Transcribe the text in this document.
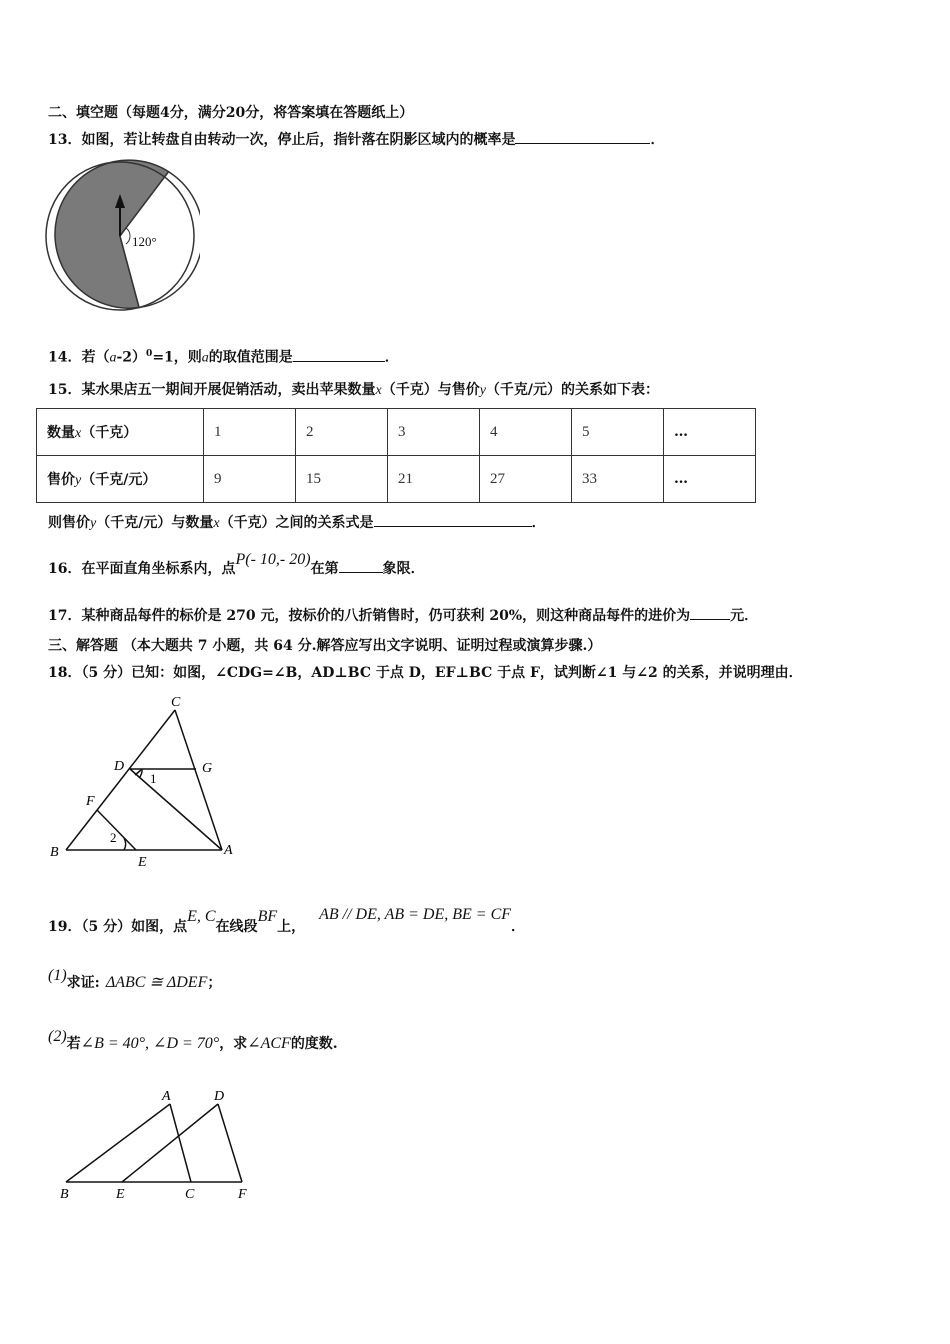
二、填空题（每题4分，满分20分，将答案填在答题纸上）
13．如图，若让转盘自由转动一次，停止后，指针落在阴影区域内的概率是	．
120°
14．若$(a-2)^0=1$，则a的取值范围是	．
15．某水果店五一期间开展促销活动，卖出苹果数量x（千克）与售价y（千克/元）的关系如下表：
数量x（千克）	1	2	3	4	5	…
售价y（千克/元）	9	15	21	27	33	…
则售价y（千克/元）与数量x（千克）之间的关系式是	．
16．在平面直角坐标系内，点P(- 10,- 20)在第	象限．
17．某种商品每件的标价是 270 元，按标价的八折销售时，仍可获利 20%，则这种商品每件的进价为	元．
三、解答题 （本大题共 7 小题，共 64 分.解答应写出文字说明、证明过程或演算步骤.）
18．（5 分）已知：如图，∠CDG=∠B，AD⊥BC 于点 D，EF⊥BC 于点 F，试判断∠1 与∠2 的关系，并说明理由．
C
D	G
F
B
E
A
1
2
19．（5 分）如图，点E, C在线段BF上，AB // DE, AB = DE, BE = CF．
(1)求证: ΔABC ≅ ΔDEF；
(2)若∠B = 40°, ∠D = 70°，求∠ACF的度数.
A	D
B	E	C	F
